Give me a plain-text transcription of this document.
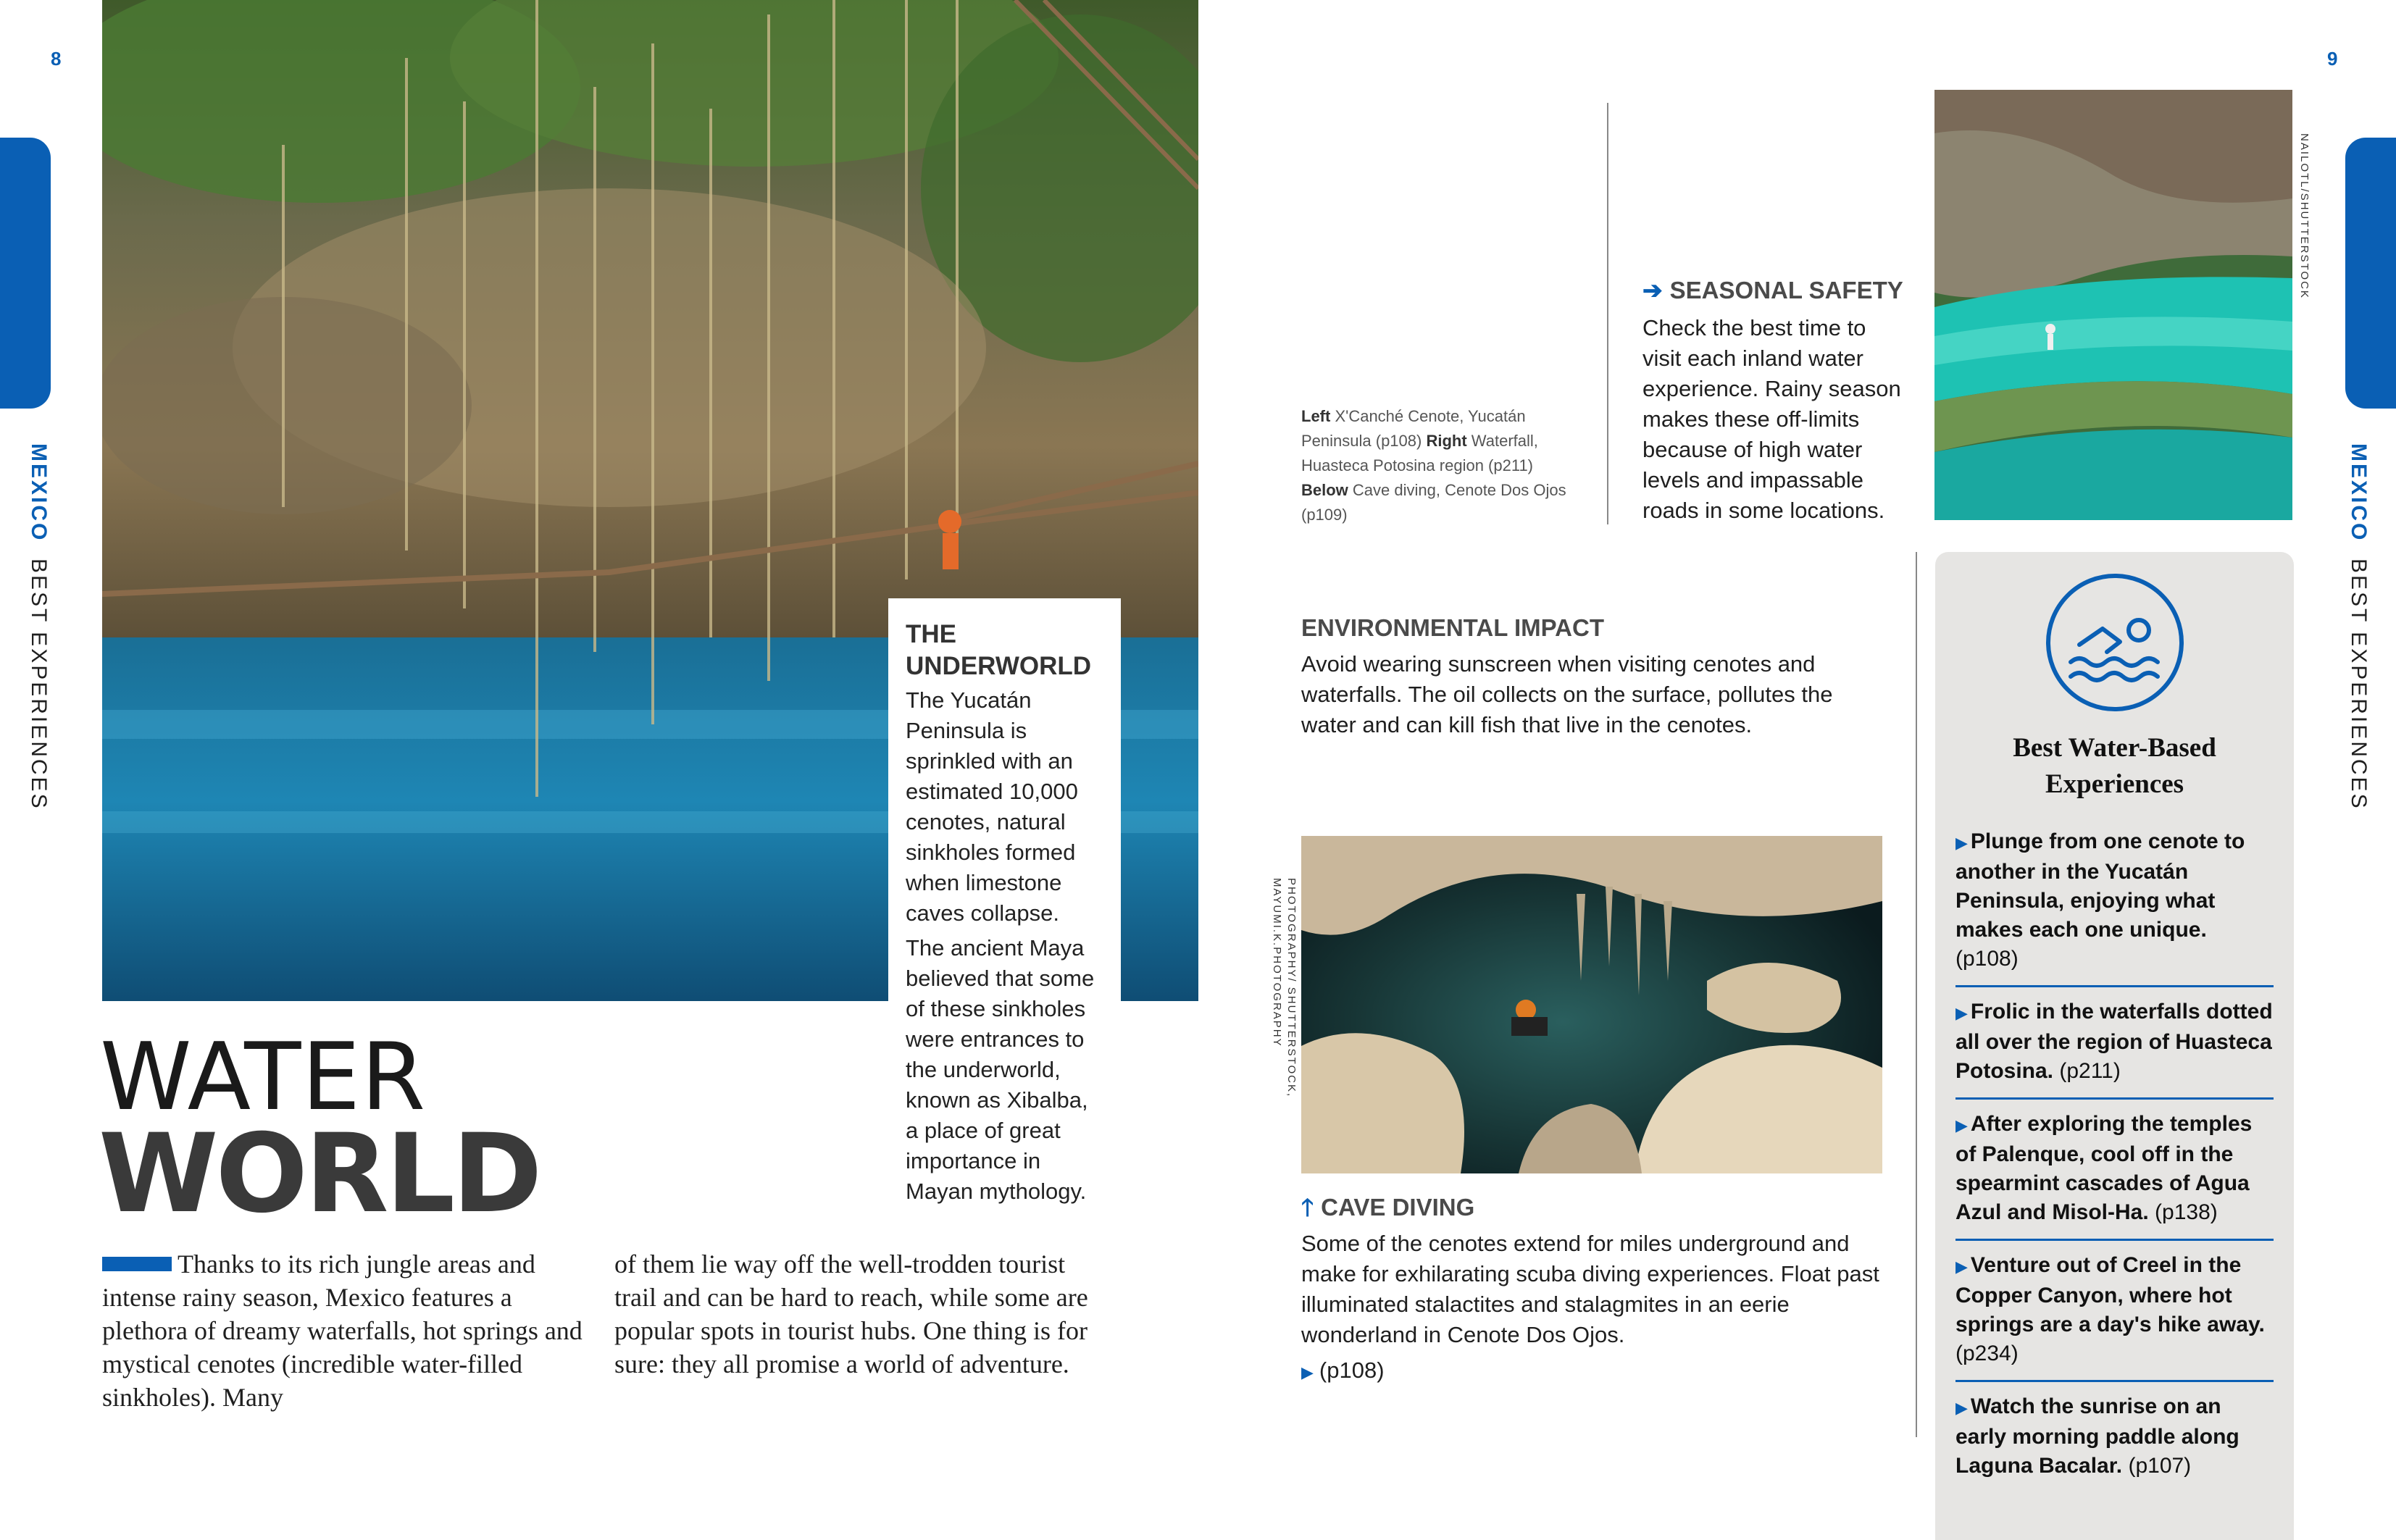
8
MEXICO  BEST EXPERIENCES	THE UNDERWORLD
The Yucatán Peninsula is sprinkled with an estimated 10,000 cenotes, natural sinkholes formed when limestone caves collapse.
The ancient Maya believed that some of these sinkholes were entrances to the underworld, known as Xibalba, a place of great importance in Mayan mythology.
WATER
WORLD
Thanks to its rich jungle areas and intense rainy season, Mexico features a plethora of dreamy waterfalls, hot springs and mystical cenotes (incredible water-filled sinkholes). Many
of them lie way off the well-trodden tourist trail and can be hard to reach, while some are popular spots in tourist hubs. One thing is for sure: they all promise a world of adventure.
9
MEXICO  BEST EXPERIENCES
Left X'Canché Cenote, Yucatán Peninsula (p108) Right Waterfall, Huasteca Potosina region (p211) Below Cave diving, Cenote Dos Ojos (p109)
➔ SEASONAL SAFETY
Check the best time to visit each inland water experience. Rainy season makes these off-limits because of high water levels and impassable roads in some locations.
NAILOTL/SHUTTERSTOCK
ENVIRONMENTAL IMPACT
Avoid wearing sunscreen when visiting cenotes and waterfalls. The oil collects on the surface, pollutes the water and can kill fish that live in the cenotes.
PHOTOGRAPHY/ SHUTTERSTOCK, MAYUMI.K.PHOTOGRAPHY
🡑 CAVE DIVING
Some of the cenotes extend for miles underground and make for exhilarating scuba diving experiences. Float past illuminated stalactites and stalagmites in an eerie wonderland in Cenote Dos Ojos.
▶ (p108)
Best Water-Based Experiences
▶ Plunge from one cenote to another in the Yucatán Peninsula, enjoying what makes each one unique. (p108)
▶ Frolic in the waterfalls dotted all over the region of Huasteca Potosina. (p211)
▶ After exploring the temples of Palenque, cool off in the spearmint cascades of Agua Azul and Misol-Ha. (p138)
▶ Venture out of Creel in the Copper Canyon, where hot springs are a day's hike away. (p234)
▶ Watch the sunrise on an early morning paddle along Laguna Bacalar. (p107)
